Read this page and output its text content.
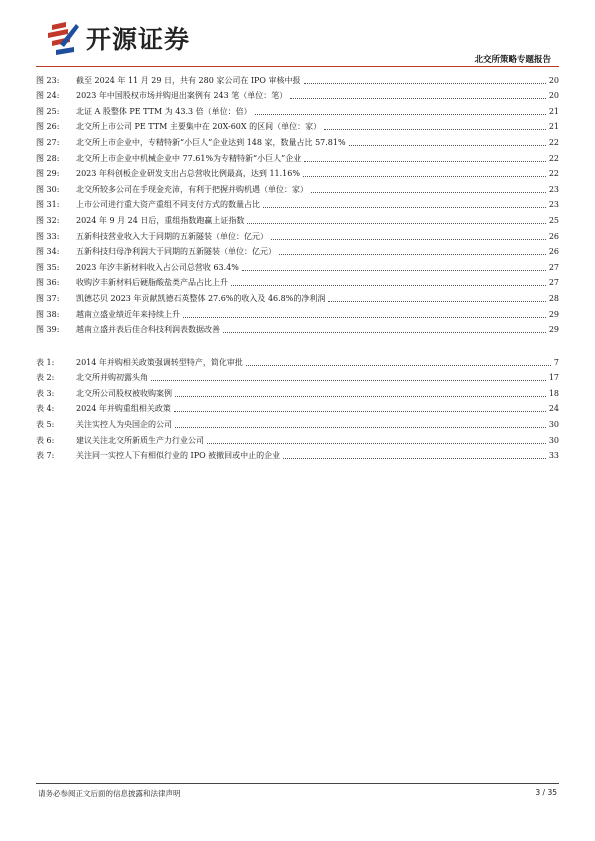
开源证券
北交所策略专题报告
图 23:	截至 2024 年 11 月 29 日，共有 280 家公司在 IPO 审核中报	20
图 24:	2023 年中国股权市场并购退出案例有 243 笔（单位：笔）	20
图 25:	北证 A 股整体 PE TTM 为 43.3 倍（单位：倍）	21
图 26:	北交所上市公司 PE TTM 主要集中在 20X-60X 的区间（单位：家）	21
图 27:	北交所上市企业中，专精特新“小巨人”企业达到 148 家，数量占比 57.81%	22
图 28:	北交所上市企业中机械企业中 77.61%为专精特新“小巨人”企业	22
图 29:	2023 年科创板企业研发支出占总营收比例最高，达到 11.16%	22
图 30:	北交所较多公司在手现金充沛，有利于把握并购机遇（单位：家）	23
图 31:	上市公司进行重大资产重组不同支付方式的数量占比	23
图 32:	2024 年 9 月 24 日后，重组指数跑赢上证指数	25
图 33:	五新科技营业收入大于同期的五新隧装（单位：亿元）	26
图 34:	五新科技归母净利润大于同期的五新隧装（单位：亿元）	26
图 35:	2023 年汐丰新材料收入占公司总营收 63.4%	27
图 36:	收购汐丰新材料后硬脂酸盐类产品占比上升	27
图 37:	凯德芯贝 2023 年贡献凯德石英整体 27.6%的收入及 46.8%的净利润	28
图 38:	越南立盛业绩近年来持续上升	29
图 39:	越南立盛并表后佳合科技利润表数据改善	29
表 1:	2014 年并购相关政策强调转型特产，简化审批	7
表 2:	北交所并购初露头角	17
表 3:	北交所公司股权被收购案例	18
表 4:	2024 年并购重组相关政策	24
表 5:	关注实控人为央国企的公司	30
表 6:	建议关注北交所新质生产力行业公司	30
表 7:	关注同一实控人下有相似行业的 IPO 被撤回或中止的企业	33
请务必参阅正文后面的信息披露和法律声明	3 / 35
